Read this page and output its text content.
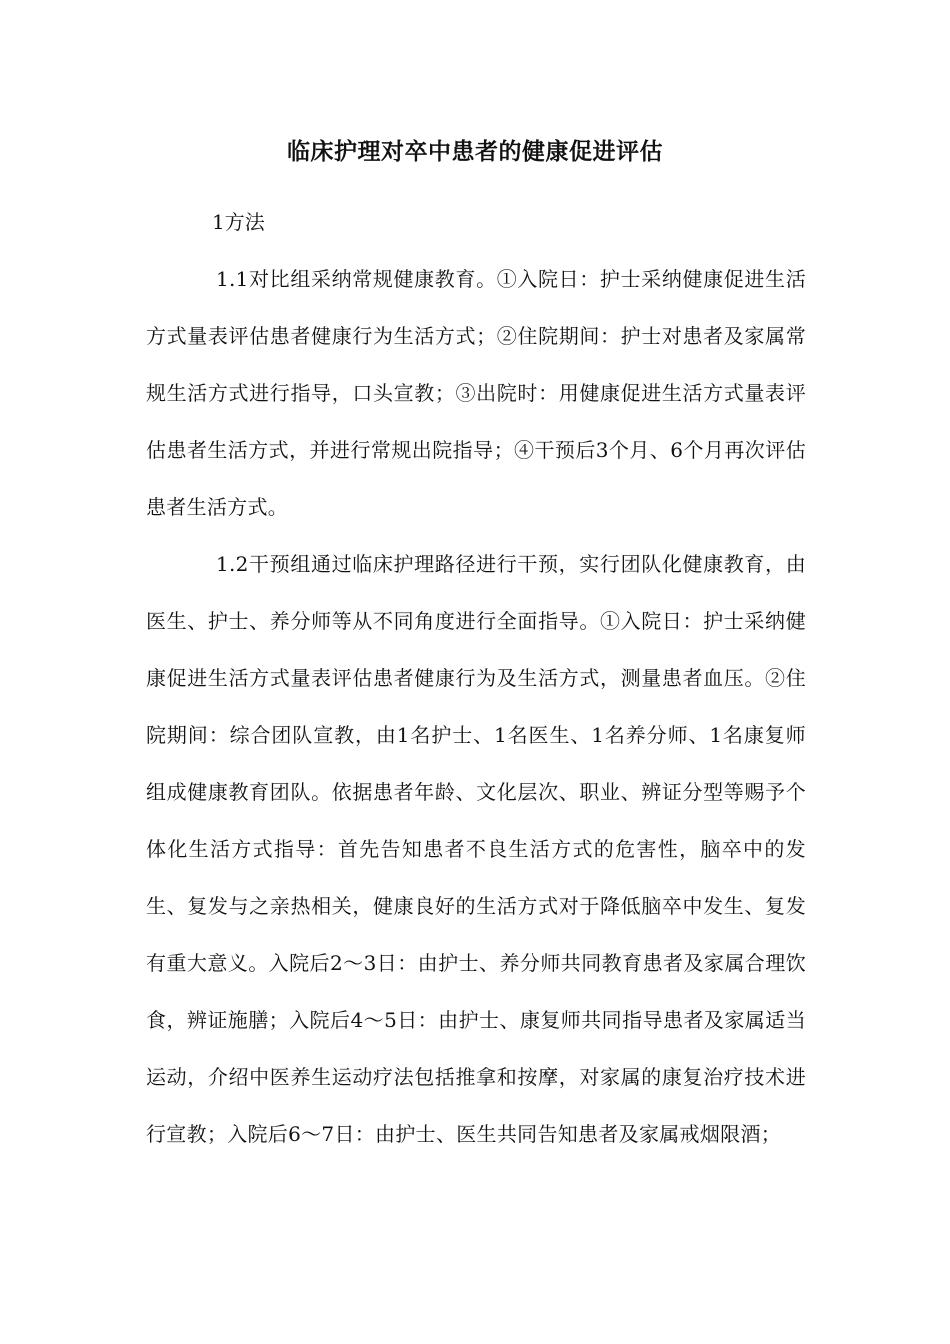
临床护理对卒中患者的健康促进评估
1方法

1.1对比组采纳常规健康教育。①入院日：护士采纳健康促进生活方式量表评估患者健康行为生活方式；②住院期间：护士对患者及家属常规生活方式进行指导，口头宣教；③出院时：用健康促进生活方式量表评估患者生活方式，并进行常规出院指导；④干预后3个月、6个月再次评估患者生活方式。

1.2干预组通过临床护理路径进行干预，实行团队化健康教育，由医生、护士、养分师等从不同角度进行全面指导。①入院日：护士采纳健康促进生活方式量表评估患者健康行为及生活方式，测量患者血压。②住院期间：综合团队宣教，由1名护士、1名医生、1名养分师、1名康复师组成健康教育团队。依据患者年龄、文化层次、职业、辨证分型等赐予个体化生活方式指导：首先告知患者不良生活方式的危害性，脑卒中的发生、复发与之亲热相关，健康良好的生活方式对于降低脑卒中发生、复发有重大意义。入院后2～3日：由护士、养分师共同教育患者及家属合理饮食，辨证施膳；入院后4～5日：由护士、康复师共同指导患者及家属适当运动，介绍中医养生运动疗法包括推拿和按摩，对家属的康复治疗技术进行宣教；入院后6～7日：由护士、医生共同告知患者及家属戒烟限酒；
